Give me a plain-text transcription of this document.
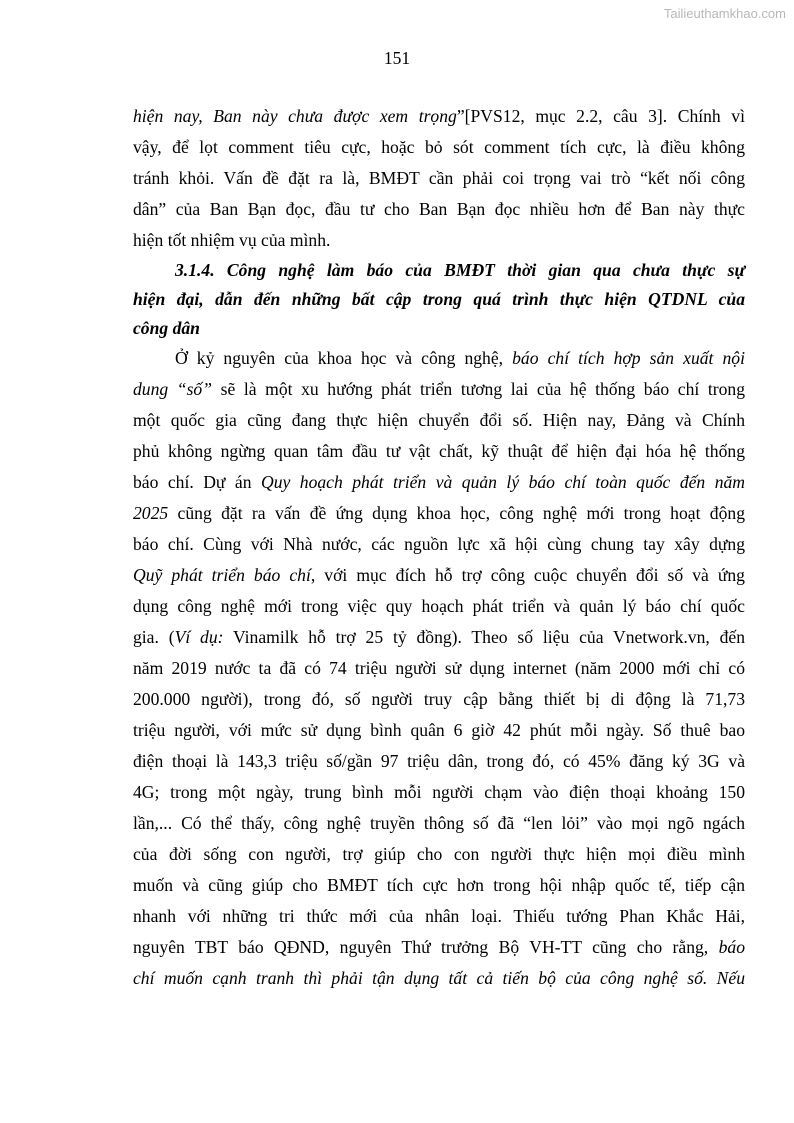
Tailieuthamkhao.com
151
hiện nay, Ban này chưa được xem trọng”[PVS12, mục 2.2, câu 3]. Chính vì
vậy, để lọt comment tiêu cực, hoặc bỏ sót comment tích cực, là điều không
tránh khỏi. Vấn đề đặt ra là, BMĐT cần phải coi trọng vai trò “kết nối công
dân” của Ban Bạn đọc, đầu tư cho Ban Bạn đọc nhiều hơn để Ban này thực
hiện tốt nhiệm vụ của mình.
3.1.4. Công nghệ làm báo của BMĐT thời gian qua chưa thực sự
hiện đại, dẫn đến những bất cập trong quá trình thực hiện QTDNL của
công dân
Ở kỷ nguyên của khoa học và công nghệ, báo chí tích hợp sản xuất nội
dung “số” sẽ là một xu hướng phát triển tương lai của hệ thống báo chí trong
một quốc gia cũng đang thực hiện chuyển đổi số. Hiện nay, Đảng và Chính
phủ không ngừng quan tâm đầu tư vật chất, kỹ thuật để hiện đại hóa hệ thống
báo chí. Dự án Quy hoạch phát triển và quản lý báo chí toàn quốc đến năm
2025 cũng đặt ra vấn đề ứng dụng khoa học, công nghệ mới trong hoạt động
báo chí. Cùng với Nhà nước, các nguồn lực xã hội cùng chung tay xây dựng
Quỹ phát triển báo chí, với mục đích hỗ trợ công cuộc chuyển đổi số và ứng
dụng công nghệ mới trong việc quy hoạch phát triển và quản lý báo chí quốc
gia. (Ví dụ: Vinamilk hỗ trợ 25 tỷ đồng). Theo số liệu của Vnetwork.vn, đến
năm 2019 nước ta đã có 74 triệu người sử dụng internet (năm 2000 mới chỉ có
200.000 người), trong đó, số người truy cập bằng thiết bị di động là 71,73
triệu người, với mức sử dụng bình quân 6 giờ 42 phút mỗi ngày. Số thuê bao
điện thoại là 143,3 triệu số/gần 97 triệu dân, trong đó, có 45% đăng ký 3G và
4G; trong một ngày, trung bình mỗi người chạm vào điện thoại khoảng 150
lần,... Có thể thấy, công nghệ truyền thông số đã “len lỏi” vào mọi ngõ ngách
của đời sống con người, trợ giúp cho con người thực hiện mọi điều mình
muốn và cũng giúp cho BMĐT tích cực hơn trong hội nhập quốc tế, tiếp cận
nhanh với những tri thức mới của nhân loại. Thiếu tướng Phan Khắc Hải,
nguyên TBT báo QĐND, nguyên Thứ trưởng Bộ VH-TT cũng cho rằng, báo
chí muốn cạnh tranh thì phải tận dụng tất cả tiến bộ của công nghệ số. Nếu
